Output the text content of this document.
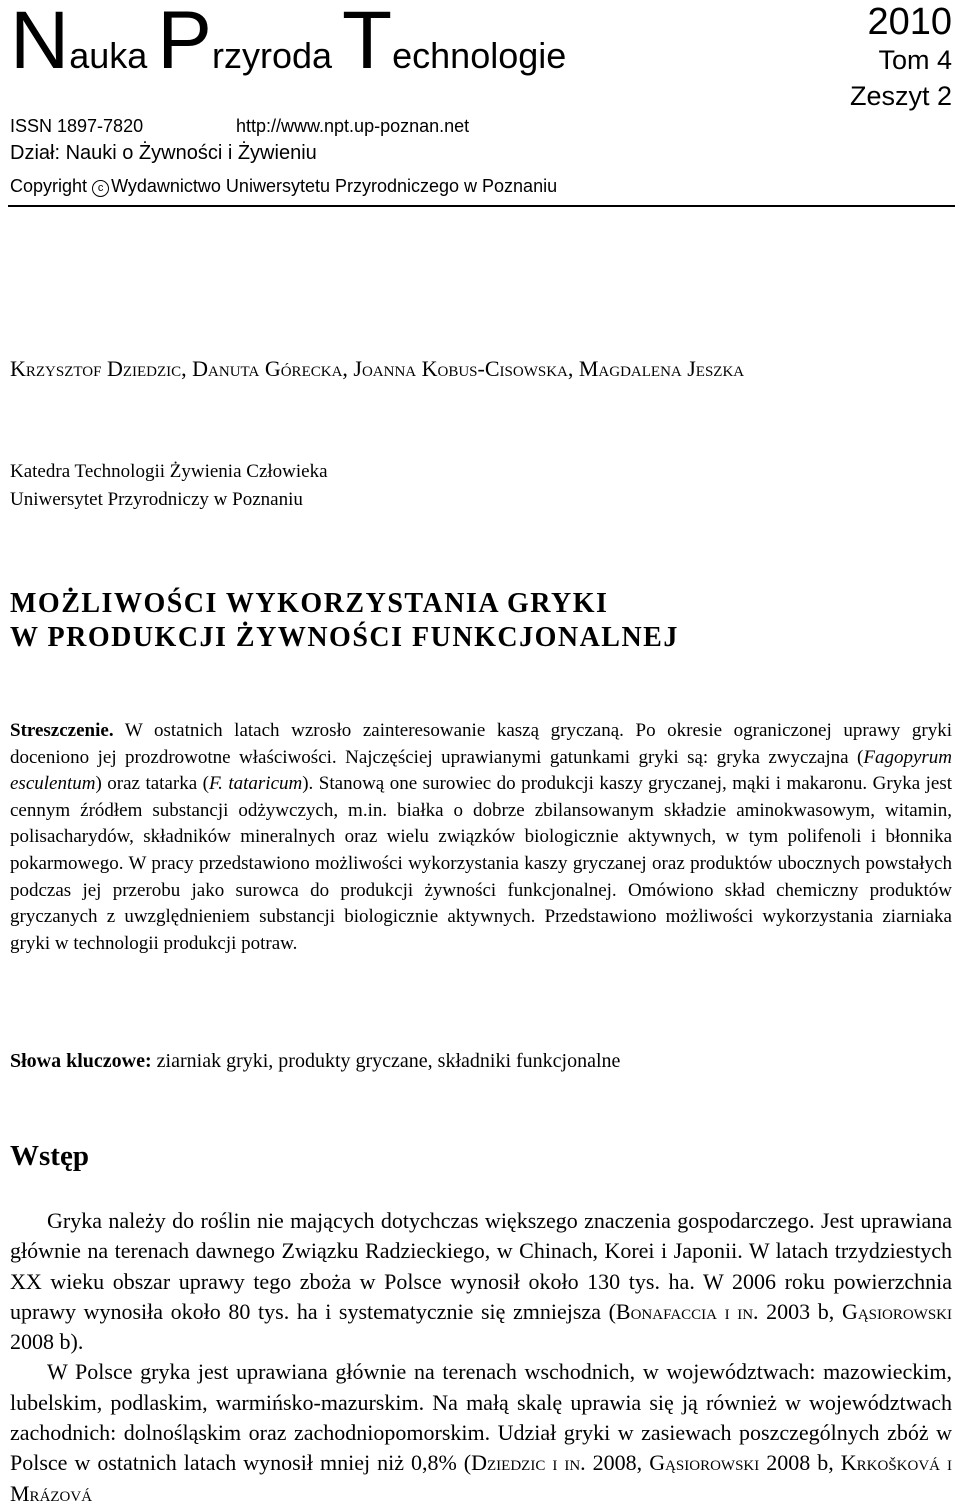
Nauka Przyroda Technologie
2010
Tom 4
Zeszyt 2
ISSN 1897-7820	http://www.npt.up-poznan.net
Dział: Nauki o Żywności i Żywieniu
Copyright c Wydawnictwo Uniwersytetu Przyrodniczego w Poznaniu
Krzysztof Dziedzic, Danuta Górecka, Joanna Kobus-Cisowska, Magdalena Jeszka
Katedra Technologii Żywienia Człowieka
Uniwersytet Przyrodniczy w Poznaniu
MOŻLIWOŚCI WYKORZYSTANIA GRYKI
W PRODUKCJI ŻYWNOŚCI FUNKCJONALNEJ
Streszczenie. W ostatnich latach wzrosło zainteresowanie kaszą gryczaną. Po okresie ograniczonej uprawy gryki doceniono jej prozdrowotne właściwości. Najczęściej uprawianymi gatunkami gryki są: gryka zwyczajna (Fagopyrum esculentum) oraz tatarka (F. tataricum). Stanową one surowiec do produkcji kaszy gryczanej, mąki i makaronu. Gryka jest cennym źródłem substancji odżywczych, m.in. białka o dobrze zbilansowanym składzie aminokwasowym, witamin, polisacharydów, składników mineralnych oraz wielu związków biologicznie aktywnych, w tym polifenoli i błonnika pokarmowego. W pracy przedstawiono możliwości wykorzystania kaszy gryczanej oraz produktów ubocznych powstałych podczas jej przerobu jako surowca do produkcji żywności funkcjonalnej. Omówiono skład chemiczny produktów gryczanych z uwzględnieniem substancji biologicznie aktywnych. Przedstawiono możliwości wykorzystania ziarniaka gryki w technologii produkcji potraw.
Słowa kluczowe: ziarniak gryki, produkty gryczane, składniki funkcjonalne
Wstęp

Gryka należy do roślin nie mających dotychczas większego znaczenia gospodarczego. Jest uprawiana głównie na terenach dawnego Związku Radzieckiego, w Chinach, Korei i Japonii. W latach trzydziestych XX wieku obszar uprawy tego zboża w Polsce wynosił około 130 tys. ha. W 2006 roku powierzchnia uprawy wynosiła około 80 tys. ha i systematycznie się zmniejsza (Bonafaccia i in. 2003 b, Gąsiorowski 2008 b).

W Polsce gryka jest uprawiana głównie na terenach wschodnich, w województwach: mazowieckim, lubelskim, podlaskim, warmińsko-mazurskim. Na małą skalę uprawia się ją również w województwach zachodnich: dolnośląskim oraz zachodniopomorskim. Udział gryki w zasiewach poszczególnych zbóż w Polsce w ostatnich latach wynosił mniej niż 0,8% (Dziedzic i in. 2008, Gąsiorowski 2008 b, Krkošková i Mrázová
